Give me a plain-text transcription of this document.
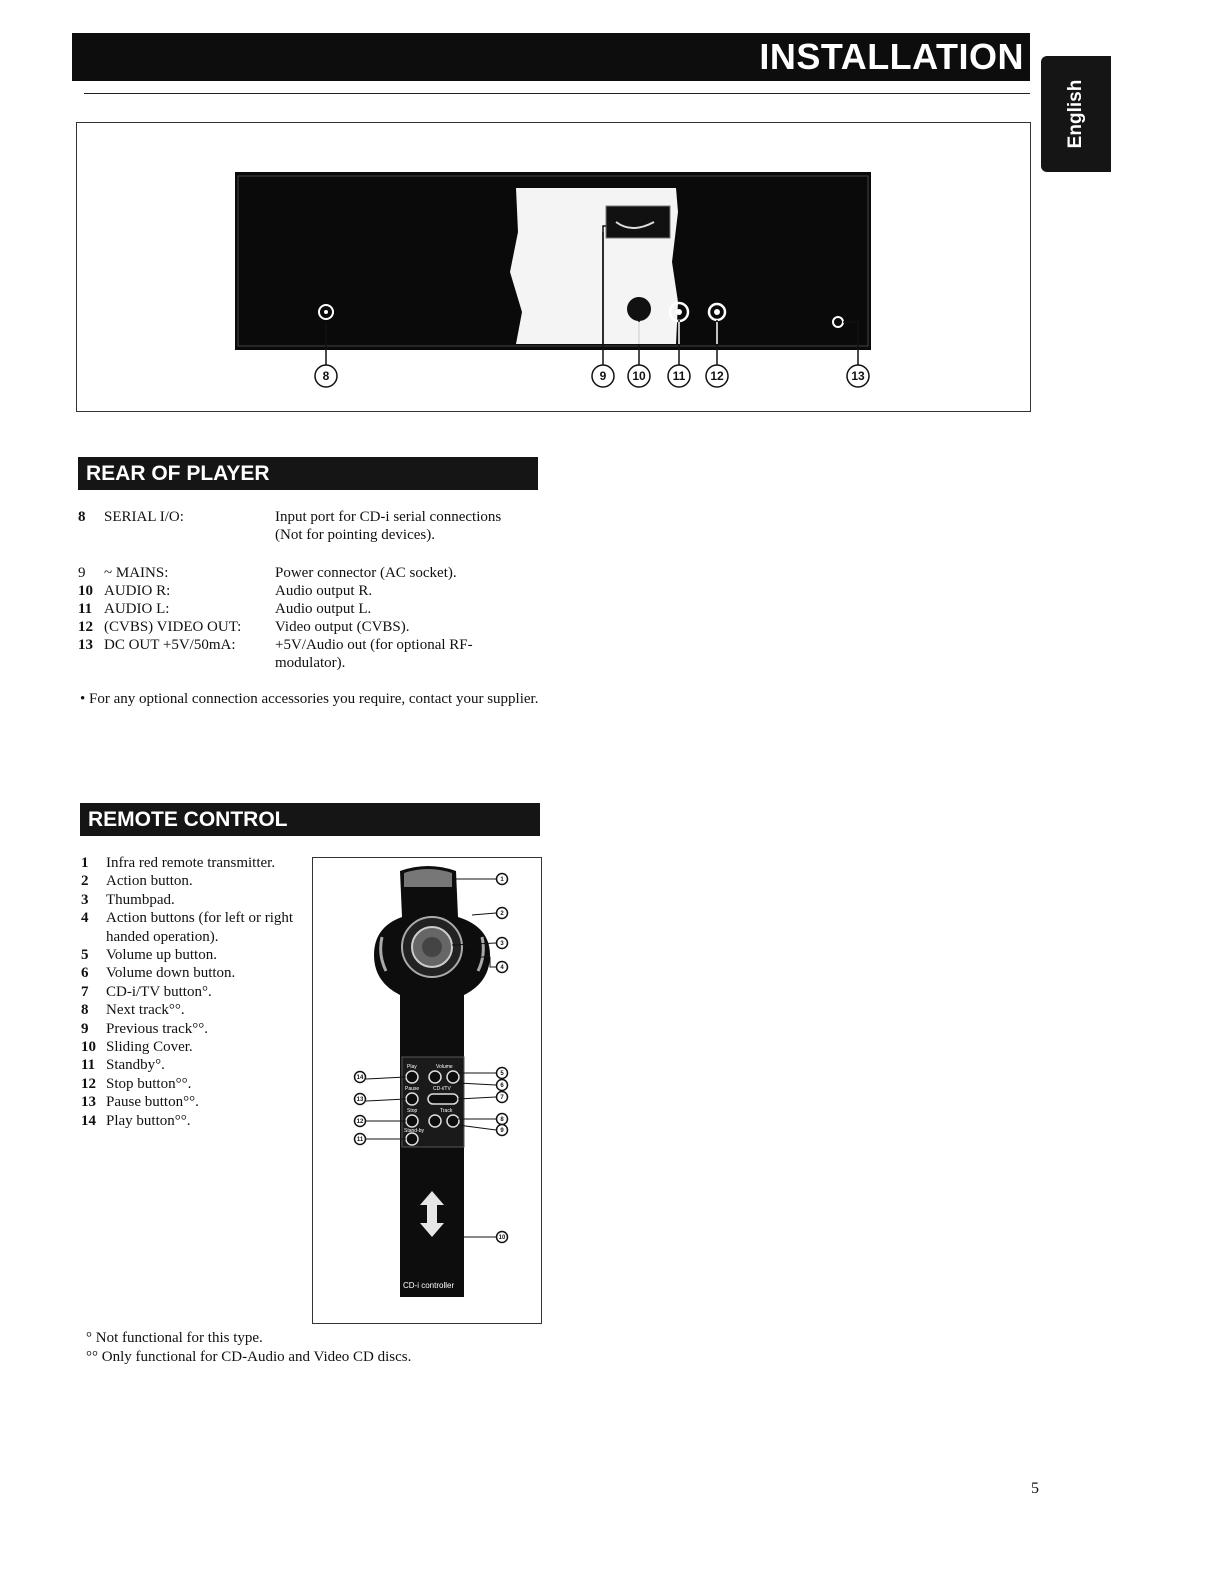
INSTALLATION
English
8	9 10 11 12	13
REAR OF PLAYER
8 SERIAL I/O:	Input port for CD-i serial connections (Not for pointing devices).
9 ~ MAINS:	Power connector (AC socket).
10 AUDIO R:	Audio output R.
11 AUDIO L:	Audio output L.
12 (CVBS) VIDEO OUT: Video output (CVBS).
13 DC OUT +5V/50mA:	+5V/Audio out (for optional RF-modulator).
• For any optional connection accessories you require, contact your supplier.
REMOTE CONTROL
1	Infra red remote transmitter.
2	Action button.
3	Thumbpad.
4	Action buttons (for left or right handed operation).
5	Volume up button.
6	Volume down button.
7	CD-i/TV button°.
8	Next track°°.
9	Previous track°°.
10 Sliding Cover.
11 Standby°.
12 Stop button°°.
13 Pause button°°.
14 Play button°°.
Play	Volume
Pause	CD-i/TV
Stop	Track
Stand-by
CD-i controller
1
2
3
4
5
6
7
8
9
10
14
13
12
11
° Not functional for this type.
°° Only functional for CD-Audio and Video CD discs.
5
